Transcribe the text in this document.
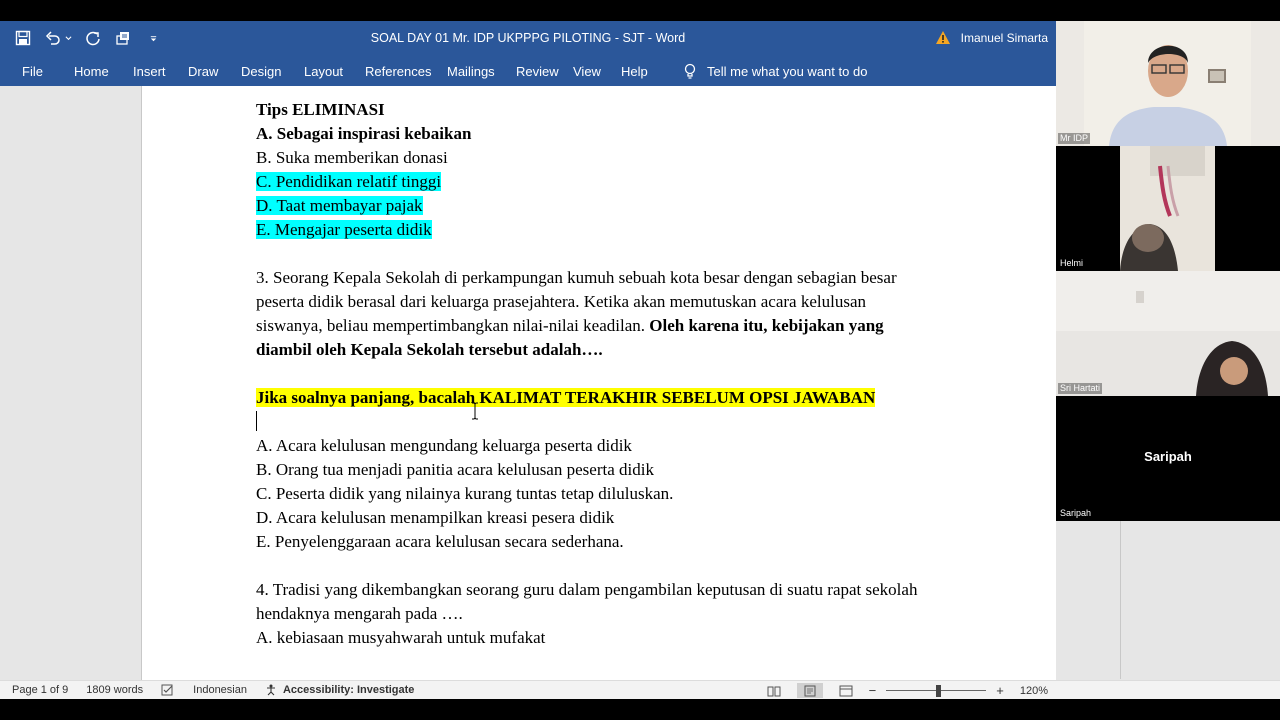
SOAL DAY 01 Mr. IDP UKPPPG PILOTING - SJT - Word	Imanuel Simarta
File	Home	Insert	Draw	Design	Layout	References	Mailings	Review	View	Help	Tell me what you want to do

Tips ELIMINASI

A. Sebagai inspirasi kebaikan

B. Suka memberikan donasi

C. Pendidikan relatif tinggi

D. Taat membayar pajak

E. Mengajar peserta didik

3. Seorang Kepala Sekolah di perkampungan kumuh sebuah kota besar dengan sebagian besar

peserta didik berasal dari keluarga prasejahtera. Ketika akan memutuskan acara kelulusan

siswanya, beliau mempertimbangkan nilai-nilai keadilan. Oleh karena itu, kebijakan yang

diambil oleh Kepala Sekolah tersebut adalah….

Jika soalnya panjang, bacalah KALIMAT TERAKHIR SEBELUM OPSI JAWABAN

A. Acara kelulusan mengundang keluarga peserta didik

B. Orang tua menjadi panitia acara kelulusan peserta didik

C. Peserta didik yang nilainya kurang tuntas tetap diluluskan.

D. Acara kelulusan menampilkan kreasi pesera didik

E. Penyelenggaraan acara kelulusan secara sederhana.

4. Tradisi yang dikembangkan seorang guru dalam pengambilan keputusan di suatu rapat sekolah

hendaknya mengarah pada ….

A. kebiasaan musyahwarah untuk mufakat

Page 1 of 9 1809 words	Indonesian	Accessibility: Investigate	−	+ 120%
Mr IDP
Helmi
Sri Hartati
Saripah
Saripah
